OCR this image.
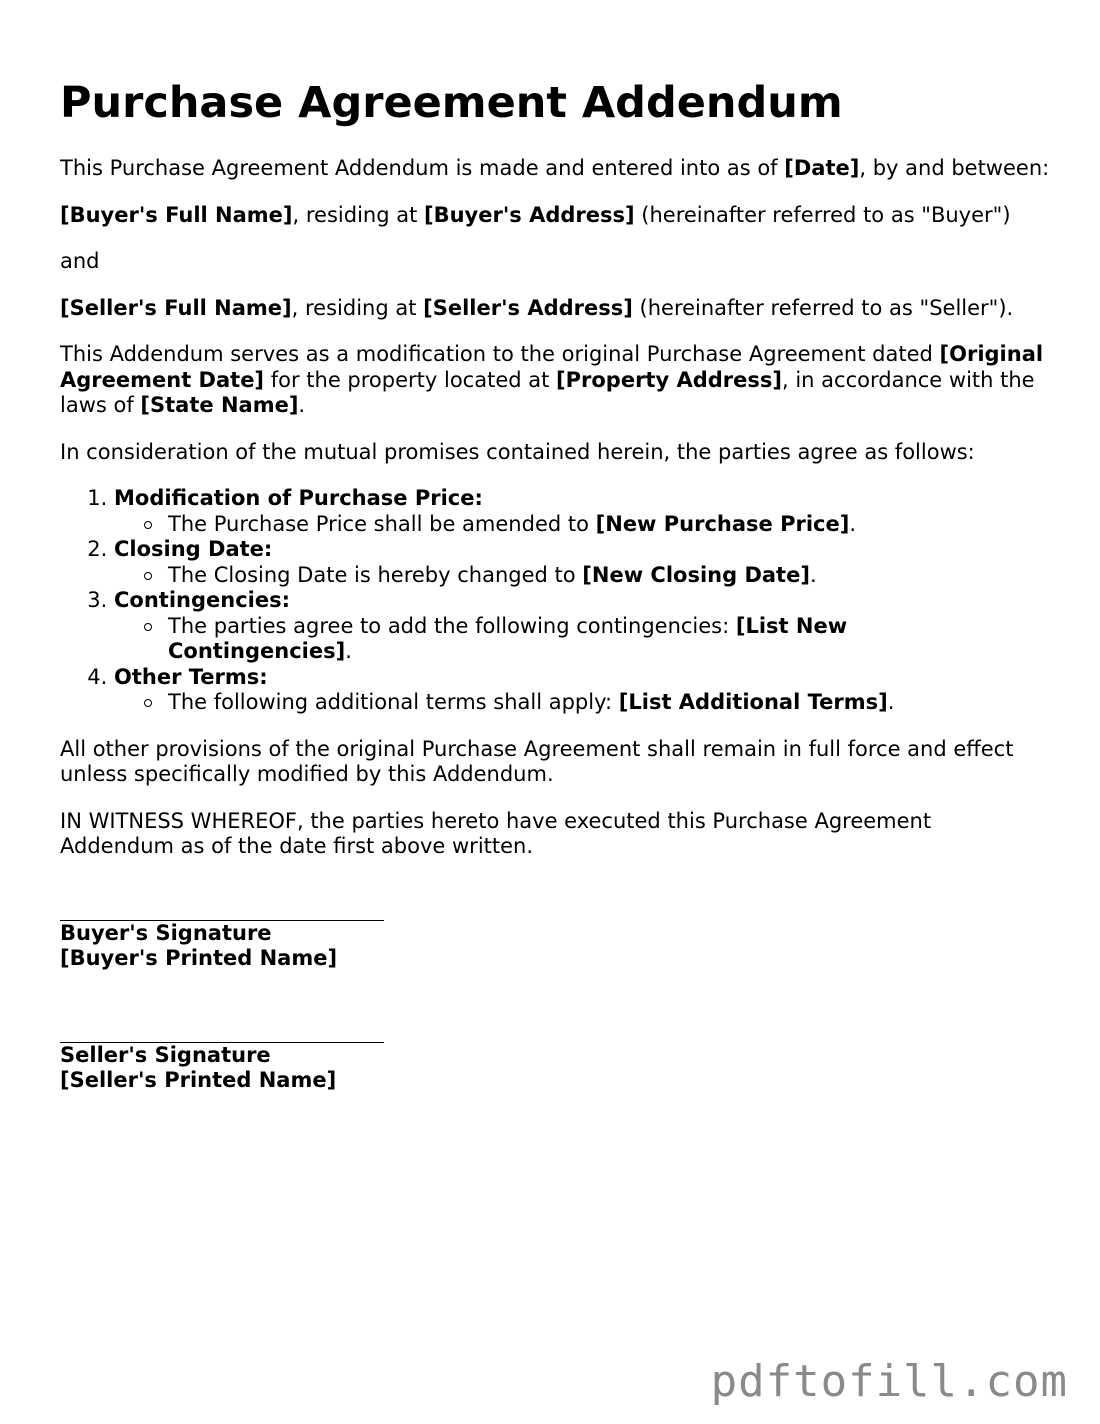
Purchase Agreement Addendum

This Purchase Agreement Addendum is made and entered into as of [Date], by and between:

[Buyer's Full Name], residing at [Buyer's Address] (hereinafter referred to as "Buyer")

and

[Seller's Full Name], residing at [Seller's Address] (hereinafter referred to as "Seller").

This Addendum serves as a modification to the original Purchase Agreement dated [Original Agreement Date] for the property located at [Property Address], in accordance with the laws of [State Name].

In consideration of the mutual promises contained herein, the parties agree as follows:

1. Modification of Purchase Price:
The Purchase Price shall be amended to [New Purchase Price].
2. Closing Date:
The Closing Date is hereby changed to [New Closing Date].
3. Contingencies:
The parties agree to add the following contingencies: [List New Contingencies].
4. Other Terms:
The following additional terms shall apply: [List Additional Terms].

All other provisions of the original Purchase Agreement shall remain in full force and effect unless specifically modified by this Addendum.

IN WITNESS WHEREOF, the parties hereto have executed this Purchase Agreement Addendum as of the date first above written.

Buyer's Signature
[Buyer's Printed Name]
Seller's Signature
[Seller's Printed Name]
pdftofill.com
